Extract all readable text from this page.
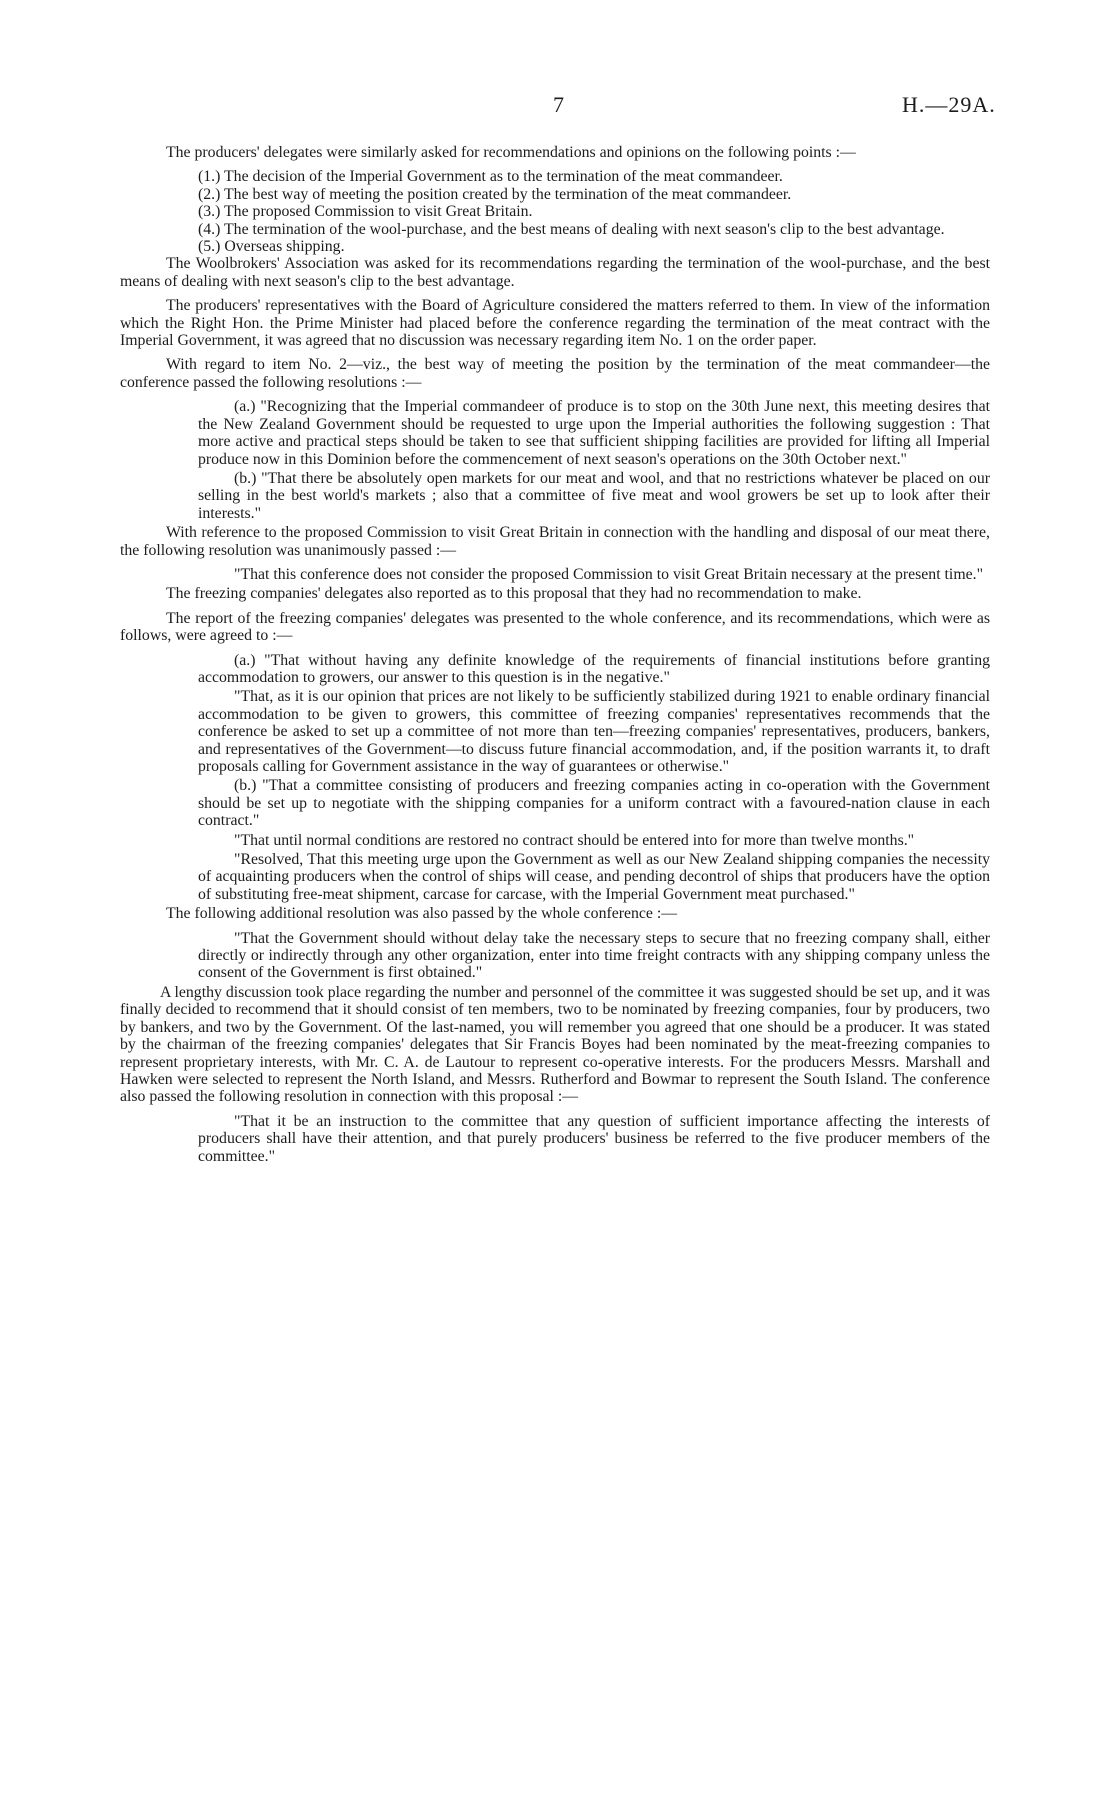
7	H.—29A.

The producers' delegates were similarly asked for recommendations and opinions on the following points :—

(1.) The decision of the Imperial Government as to the termination of the meat commandeer.

(2.) The best way of meeting the position created by the termination of the meat commandeer.

(3.) The proposed Commission to visit Great Britain.

(4.) The termination of the wool-purchase, and the best means of dealing with next season's clip to the best advantage.

(5.) Overseas shipping.

The Woolbrokers' Association was asked for its recommendations regarding the termination of the wool-purchase, and the best means of dealing with next season's clip to the best advantage.

The producers' representatives with the Board of Agriculture considered the matters referred to them. In view of the information which the Right Hon. the Prime Minister had placed before the conference regarding the termination of the meat contract with the Imperial Government, it was agreed that no discussion was necessary regarding item No. 1 on the order paper.

With regard to item No. 2—viz., the best way of meeting the position by the termination of the meat commandeer—the conference passed the following resolutions :—

(a.) "Recognizing that the Imperial commandeer of produce is to stop on the 30th June next, this meeting desires that the New Zealand Government should be requested to urge upon the Imperial authorities the following suggestion : That more active and practical steps should be taken to see that sufficient shipping facilities are provided for lifting all Imperial produce now in this Dominion before the commencement of next season's operations on the 30th October next."

(b.) "That there be absolutely open markets for our meat and wool, and that no restrictions whatever be placed on our selling in the best world's markets ; also that a committee of five meat and wool growers be set up to look after their interests."

With reference to the proposed Commission to visit Great Britain in connection with the handling and disposal of our meat there, the following resolution was unanimously passed :—

"That this conference does not consider the proposed Commission to visit Great Britain necessary at the present time."

The freezing companies' delegates also reported as to this proposal that they had no recommendation to make.

The report of the freezing companies' delegates was presented to the whole conference, and its recommendations, which were as follows, were agreed to :—

(a.) "That without having any definite knowledge of the requirements of financial institutions before granting accommodation to growers, our answer to this question is in the negative."

"That, as it is our opinion that prices are not likely to be sufficiently stabilized during 1921 to enable ordinary financial accommodation to be given to growers, this committee of freezing companies' representatives recommends that the conference be asked to set up a committee of not more than ten—freezing companies' representatives, producers, bankers, and representatives of the Government—to discuss future financial accommodation, and, if the position warrants it, to draft proposals calling for Government assistance in the way of guarantees or otherwise."

(b.) "That a committee consisting of producers and freezing companies acting in co-operation with the Government should be set up to negotiate with the shipping companies for a uniform contract with a favoured-nation clause in each contract."

"That until normal conditions are restored no contract should be entered into for more than twelve months."

"Resolved, That this meeting urge upon the Government as well as our New Zealand shipping companies the necessity of acquainting producers when the control of ships will cease, and pending decontrol of ships that producers have the option of substituting free-meat shipment, carcase for carcase, with the Imperial Government meat purchased."

The following additional resolution was also passed by the whole conference :—

"That the Government should without delay take the necessary steps to secure that no freezing company shall, either directly or indirectly through any other organization, enter into time freight contracts with any shipping company unless the consent of the Government is first obtained."

A lengthy discussion took place regarding the number and personnel of the committee it was suggested should be set up, and it was finally decided to recommend that it should consist of ten members, two to be nominated by freezing companies, four by producers, two by bankers, and two by the Government. Of the last-named, you will remember you agreed that one should be a producer. It was stated by the chairman of the freezing companies' delegates that Sir Francis Boyes had been nominated by the meat-freezing companies to represent proprietary interests, with Mr. C. A. de Lautour to represent co-operative interests. For the producers Messrs. Marshall and Hawken were selected to represent the North Island, and Messrs. Rutherford and Bowmar to represent the South Island. The conference also passed the following resolution in connection with this proposal :—

"That it be an instruction to the committee that any question of sufficient importance affecting the interests of producers shall have their attention, and that purely producers' business be referred to the five producer members of the committee."
